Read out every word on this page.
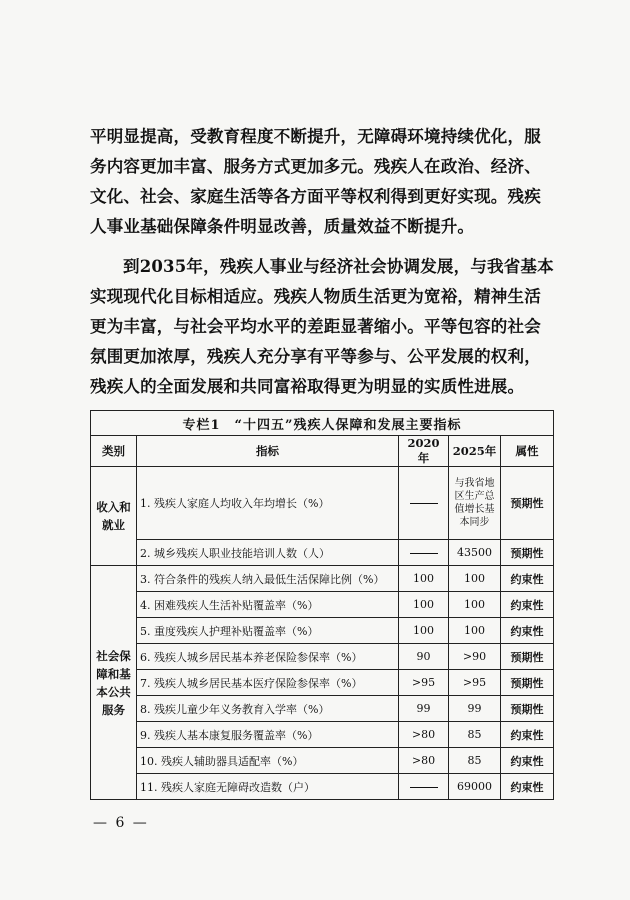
平明显提高，受教育程度不断提升，无障碍环境持续优化，服务内容更加丰富、服务方式更加多元。残疾人在政治、经济、文化、社会、家庭生活等各方面平等权利得到更好实现。残疾人事业基础保障条件明显改善，质量效益不断提升。
到2035年，残疾人事业与经济社会协调发展，与我省基本实现现代化目标相适应。残疾人物质生活更为宽裕，精神生活更为丰富，与社会平均水平的差距显著缩小。平等包容的社会氛围更加浓厚，残疾人充分享有平等参与、公平发展的权利，残疾人的全面发展和共同富裕取得更为明显的实质性进展。
专栏1　“十四五”残疾人保障和发展主要指标				
类别	指标	2020年	2025年	属性
收入和就业	1. 残疾人家庭人均收入年均增长（%）		与我省地区生产总值增长基本同步	预期性
	2. 城乡残疾人职业技能培训人数（人）		43500	预期性
社会保障和基本公共服务	3. 符合条件的残疾人纳入最低生活保障比例（%）	100	100	约束性
	4. 困难残疾人生活补贴覆盖率（%）	100	100	约束性
	5. 重度残疾人护理补贴覆盖率（%）	100	100	约束性
	6. 残疾人城乡居民基本养老保险参保率（%）	90	>90	预期性
	7. 残疾人城乡居民基本医疗保险参保率（%）	>95	>95	预期性
	8. 残疾儿童少年义务教育入学率（%）	99	99	预期性
	9. 残疾人基本康复服务覆盖率（%）	>80	85	约束性
	10. 残疾人辅助器具适配率（%）	>80	85	约束性
	11. 残疾人家庭无障碍改造数（户）		69000	约束性
— 6 —
